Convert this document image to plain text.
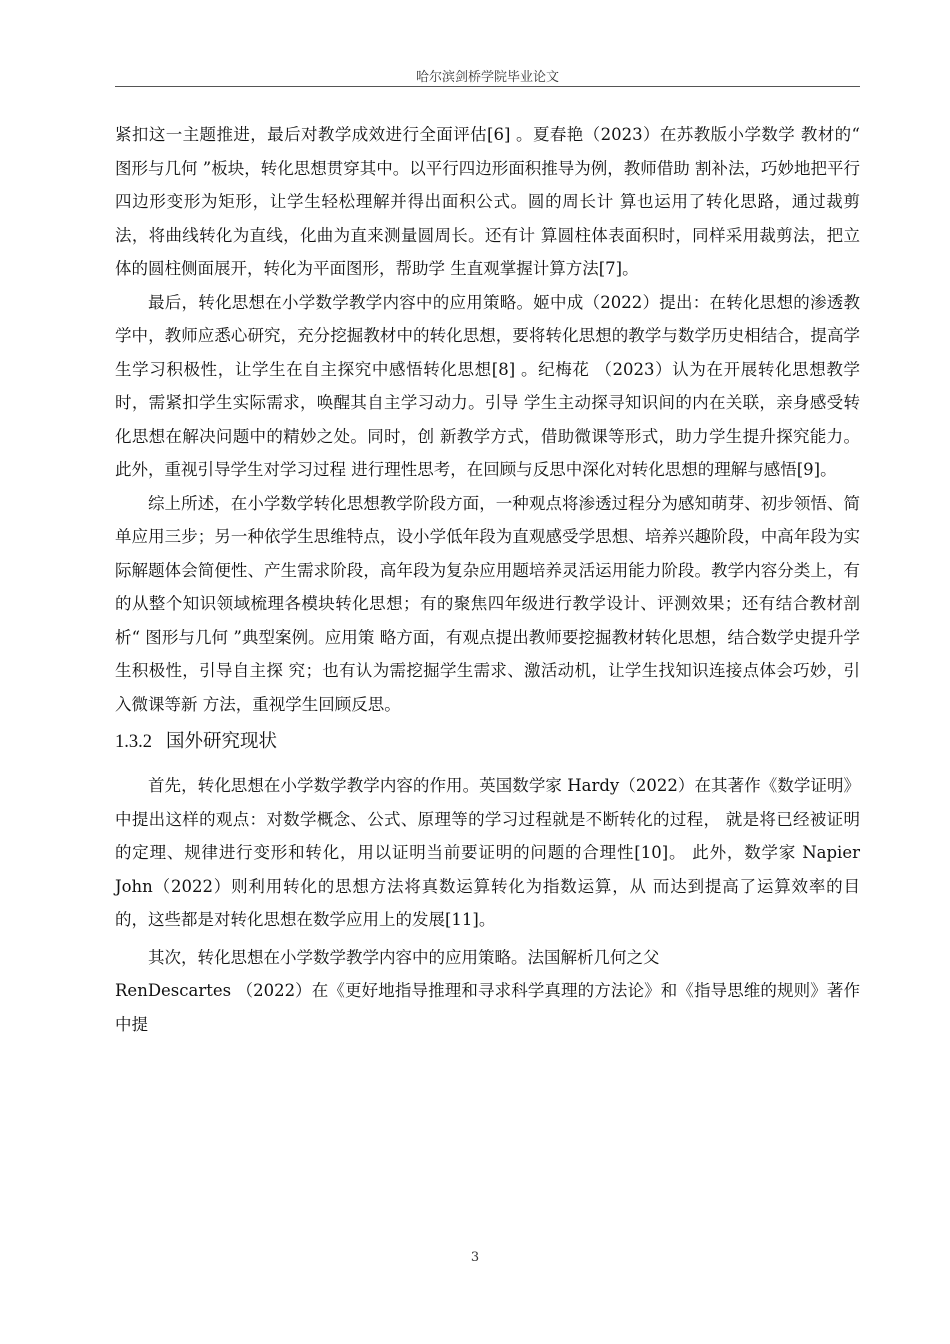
哈尔滨剑桥学院毕业论文

紧扣这一主题推进，最后对教学成效进行全面评估[6] 。夏春艳（2023）在苏教版小学数学 教材的“ 图形与几何 ”板块，转化思想贯穿其中。以平行四边形面积推导为例，教师借助 割补法，巧妙地把平行四边形变形为矩形，让学生轻松理解并得出面积公式。圆的周长计 算也运用了转化思路，通过裁剪法，将曲线转化为直线，化曲为直来测量圆周长。还有计 算圆柱体表面积时，同样采用裁剪法，把立体的圆柱侧面展开，转化为平面图形，帮助学 生直观掌握计算方法[7]。

最后，转化思想在小学数学教学内容中的应用策略。姬中成（2022）提出：在转化思想的渗透教学中，教师应悉心研究，充分挖掘教材中的转化思想，要将转化思想的教学与数学历史相结合，提高学生学习积极性，让学生在自主探究中感悟转化思想[8] 。纪梅花 （2023）认为在开展转化思想教学时，需紧扣学生实际需求，唤醒其自主学习动力。引导 学生主动探寻知识间的内在关联，亲身感受转化思想在解决问题中的精妙之处。同时，创 新教学方式，借助微课等形式，助力学生提升探究能力。此外，重视引导学生对学习过程 进行理性思考，在回顾与反思中深化对转化思想的理解与感悟[9]。

综上所述，在小学数学转化思想教学阶段方面，一种观点将渗透过程分为感知萌芽、初步领悟、简单应用三步；另一种依学生思维特点，设小学低年段为直观感受学思想、培养兴趣阶段，中高年段为实际解题体会简便性、产生需求阶段，高年段为复杂应用题培养灵活运用能力阶段。教学内容分类上，有的从整个知识领域梳理各模块转化思想；有的聚焦四年级进行教学设计、评测效果；还有结合教材剖析“ 图形与几何 ”典型案例。应用策 略方面，有观点提出教师要挖掘教材转化思想，结合数学史提升学生积极性，引导自主探 究；也有认为需挖掘学生需求、激活动机，让学生找知识连接点体会巧妙，引入微课等新 方法，重视学生回顾反思。

1.3.2 国外研究现状

首先，转化思想在小学数学教学内容的作用。英国数学家 Hardy（2022）在其著作《数学证明》中提出这样的观点：对数学概念、公式、原理等的学习过程就是不断转化的过程， 就是将已经被证明的定理、规律进行变形和转化，用以证明当前要证明的问题的合理性[10]。 此外，数学家 Napier John（2022）则利用转化的思想方法将真数运算转化为指数运算，从 而达到提高了运算效率的目的，这些都是对转化思想在数学应用上的发展[11]。

其次，转化思想在小学数学教学内容中的应用策略。法国解析几何之父

RenDescartes （2022）在《更好地指导推理和寻求科学真理的方法论》和《指导思维的规则》著作中提

3
